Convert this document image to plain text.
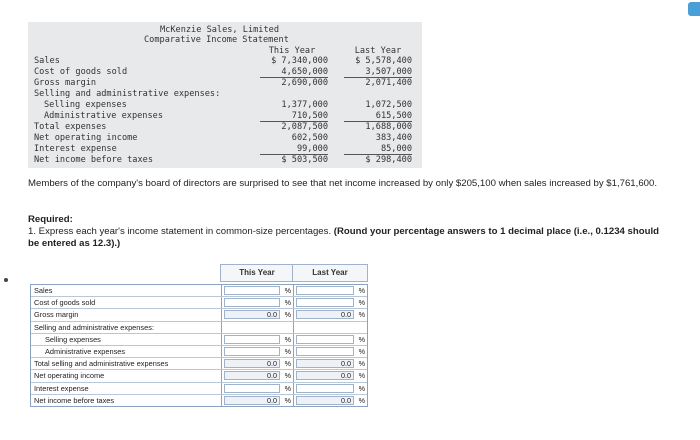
McKenzie Sales, Limited
Comparative Income Statement
This Year	Last Year
Sales	$ 7,340,000	$ 5,578,400
Cost of goods sold	4,650,000	3,507,000
Gross margin	2,690,000	2,071,400
Selling and administrative expenses:
Selling expenses	1,377,000	1,072,500
Administrative expenses	710,500	615,500
Total expenses	2,087,500	1,688,000
Net operating income	602,500	383,400
Interest expense	99,000	85,000
Net income before taxes	$ 503,500	$ 298,400
Members of the company's board of directors are surprised to see that net income increased by only $205,100 when sales increased by $1,761,600.
Required:
1. Express each year's income statement in common-size percentages. (Round your percentage answers to 1 decimal place (i.e., 0.1234 should be entered as 12.3).)
This Year	Last Year
Sales	%	%
Cost of goods sold	%	%
Gross margin	0.0	%	0.0	%
Selling and administrative expenses:
Selling expenses	%	%
Administrative expenses	%	%
Total selling and administrative expenses	0.0	%	0.0	%
Net operating income	0.0	%	0.0	%
Interest expense	%	%
Net income before taxes	0.0	%	0.0	%
